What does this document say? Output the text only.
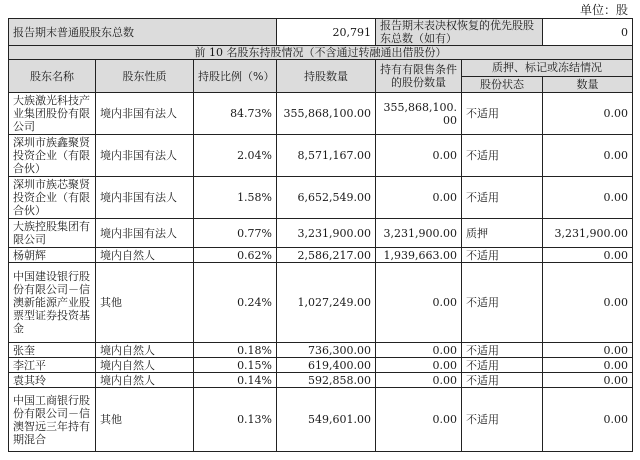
单位：股
报告期末普通股股东总数			20,791	报告期末表决权恢复的优先股股东总数（如有）		0
前 10 名股东持股情况（不含通过转融通出借股份）						
股东名称	股东性质	持股比例（%）	持股数量	持有有限售条件的股份数量	质押、标记或冻结情况	
					股份状态	数量
大族激光科技产业集团股份有限公司	境内非国有法人	84.73%	355,868,100.00	355,868,100.00	不适用	0.00
深圳市族鑫聚贤投资企业（有限合伙）	境内非国有法人	2.04%	8,571,167.00	0.00	不适用	0.00
深圳市族芯聚贤投资企业（有限合伙）	境内非国有法人	1.58%	6,652,549.00	0.00	不适用	0.00
大族控股集团有限公司	境内非国有法人	0.77%	3,231,900.00	3,231,900.00	质押	3,231,900.00
杨朝辉	境内自然人	0.62%	2,586,217.00	1,939,663.00	不适用	0.00
中国建设银行股份有限公司－信澳新能源产业股票型证券投资基金	其他	0.24%	1,027,249.00	0.00	不适用	0.00
张奎	境内自然人	0.18%	736,300.00	0.00	不适用	0.00
李江平	境内自然人	0.15%	619,400.00	0.00	不适用	0.00
袁其玲	境内自然人	0.14%	592,858.00	0.00	不适用	0.00
中国工商银行股份有限公司－信澳智远三年持有期混合	其他	0.13%	549,601.00	0.00	不适用	0.00
